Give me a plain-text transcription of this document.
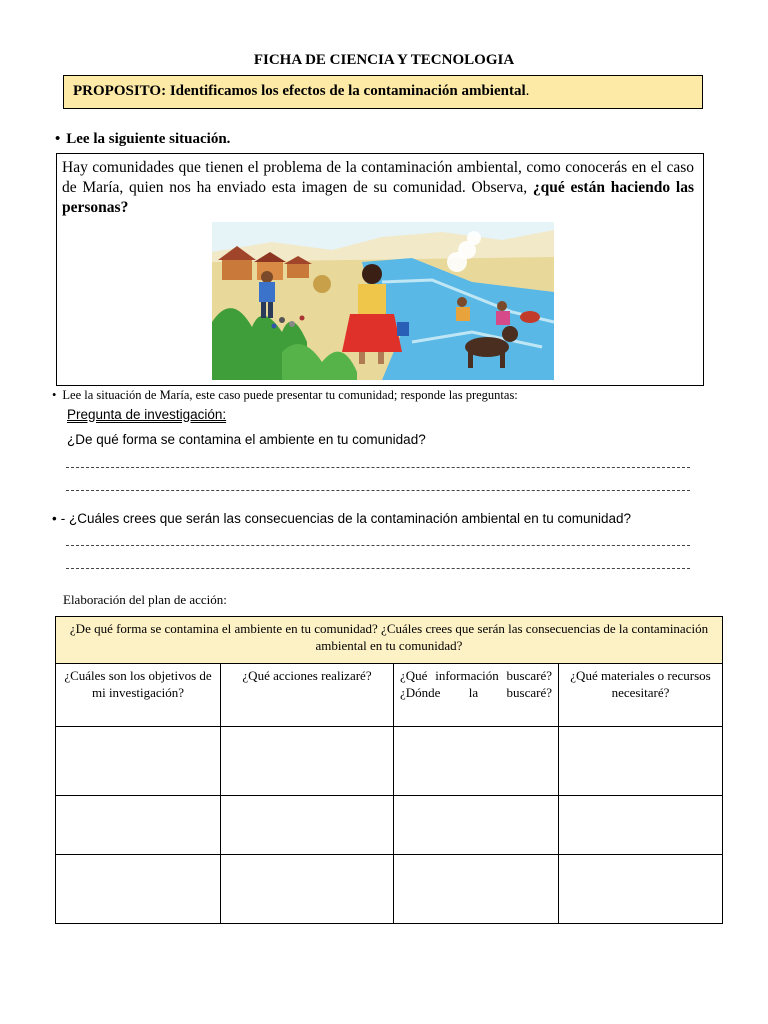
FICHA DE CIENCIA Y TECNOLOGIA
PROPOSITO: Identificamos los efectos de la contaminación ambiental.
• Lee la siguiente situación.
Hay comunidades que tienen el problema de la contaminación ambiental, como conocerás en el caso de María, quien nos ha enviado esta imagen de su comunidad. Observa, ¿qué están haciendo las personas?
• Lee la situación de María, este caso puede presentar tu comunidad; responde las preguntas:
Pregunta de investigación:
¿De qué forma se contamina el ambiente en tu comunidad?
• - ¿Cuáles crees que serán las consecuencias de la contaminación ambiental en tu comunidad?
Elaboración del plan de acción:
¿De qué forma se contamina el ambiente en tu comunidad? ¿Cuáles crees que serán las consecuencias de la contaminación ambiental en tu comunidad?			
¿Cuáles son los objetivos de mi investigación?	¿Qué acciones realizaré?	¿Qué información buscaré? ¿Dónde la buscaré?	¿Qué materiales o recursos necesitaré?
